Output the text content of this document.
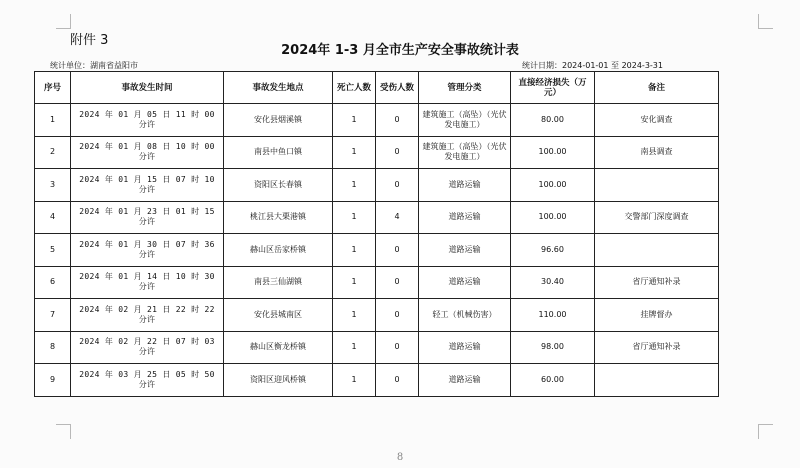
附件 3
2024年 1-3 月全市生产安全事故统计表
统计单位：湖南省益阳市	统计日期：2024-01-01 至 2024-3-31
序号	事故发生时间	事故发生地点	死亡人数	受伤人数	管理分类	直接经济损失（万元）	备注
1	2024 年 01 月 05 日 11 时 00 分许	安化县烟溪镇	1	0	建筑施工（高坠）（光伏发电施工）	80.00	安化调查
2	2024 年 01 月 08 日 10 时 00 分许	南县中鱼口镇	1	0	建筑施工（高坠）（光伏发电施工）	100.00	南县调查
3	2024 年 01 月 15 日 07 时 10 分许	资阳区长春镇	1	0	道路运输	100.00	
4	2024 年 01 月 23 日 01 时 15 分许	桃江县大栗港镇	1	4	道路运输	100.00	交警部门深度调查
5	2024 年 01 月 30 日 07 时 36 分许	赫山区岳家桥镇	1	0	道路运输	96.60	
6	2024 年 01 月 14 日 10 时 30 分许	南县三仙湖镇	1	0	道路运输	30.40	省厅通知补录
7	2024 年 02 月 21 日 22 时 22 分许	安化县城南区	1	0	轻工（机械伤害）	110.00	挂牌督办
8	2024 年 02 月 22 日 07 时 03 分许	赫山区衡龙桥镇	1	0	道路运输	98.00	省厅通知补录
9	2024 年 03 月 25 日 05 时 50 分许	资阳区迎风桥镇	1	0	道路运输	60.00	
8
